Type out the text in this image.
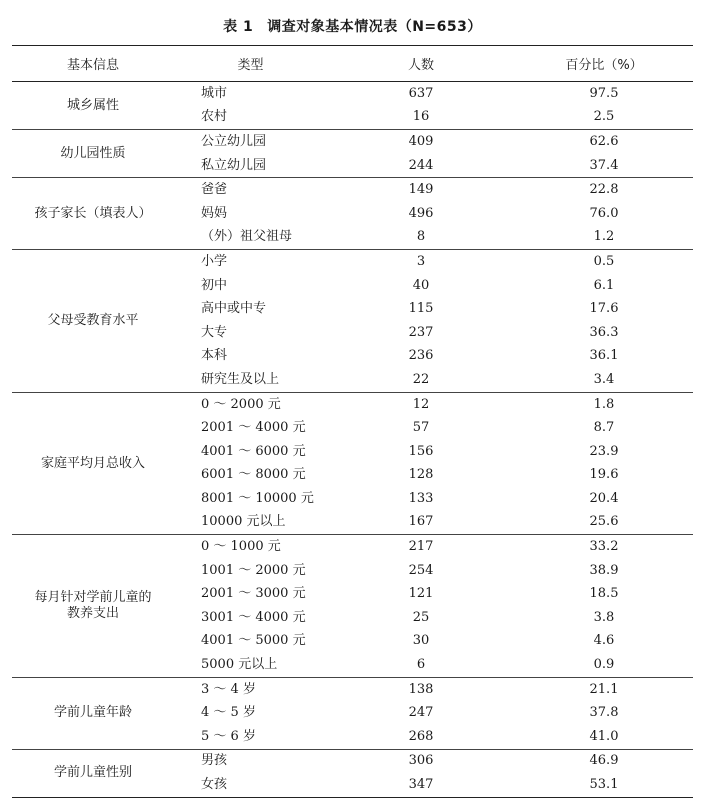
表 1 调查对象基本情况表（N=653）
基本信息	类型	人数	百分比（%）
城乡属性	城市	637	97.5
	农村	16	2.5
幼儿园性质	公立幼儿园	409	62.6
	私立幼儿园	244	37.4
孩子家长（填表人）	爸爸	149	22.8
	妈妈	496	76.0
	（外）祖父祖母	8	1.2
父母受教育水平	小学	3	0.5
	初中	40	6.1
	高中或中专	115	17.6
	大专	237	36.3
	本科	236	36.1
	研究生及以上	22	3.4
家庭平均月总收入	0 ～ 2000 元	12	1.8
	2001 ～ 4000 元	57	8.7
	4001 ～ 6000 元	156	23.9
	6001 ～ 8000 元	128	19.6
	8001 ～ 10000 元	133	20.4
	10000 元以上	167	25.6
每月针对学前儿童的
教养支出	0 ～ 1000 元	217	33.2
	1001 ～ 2000 元	254	38.9
	2001 ～ 3000 元	121	18.5
	3001 ～ 4000 元	25	3.8
	4001 ～ 5000 元	30	4.6
	5000 元以上	6	0.9
学前儿童年龄	3 ～ 4 岁	138	21.1
	4 ～ 5 岁	247	37.8
	5 ～ 6 岁	268	41.0
学前儿童性别	男孩	306	46.9
	女孩	347	53.1
